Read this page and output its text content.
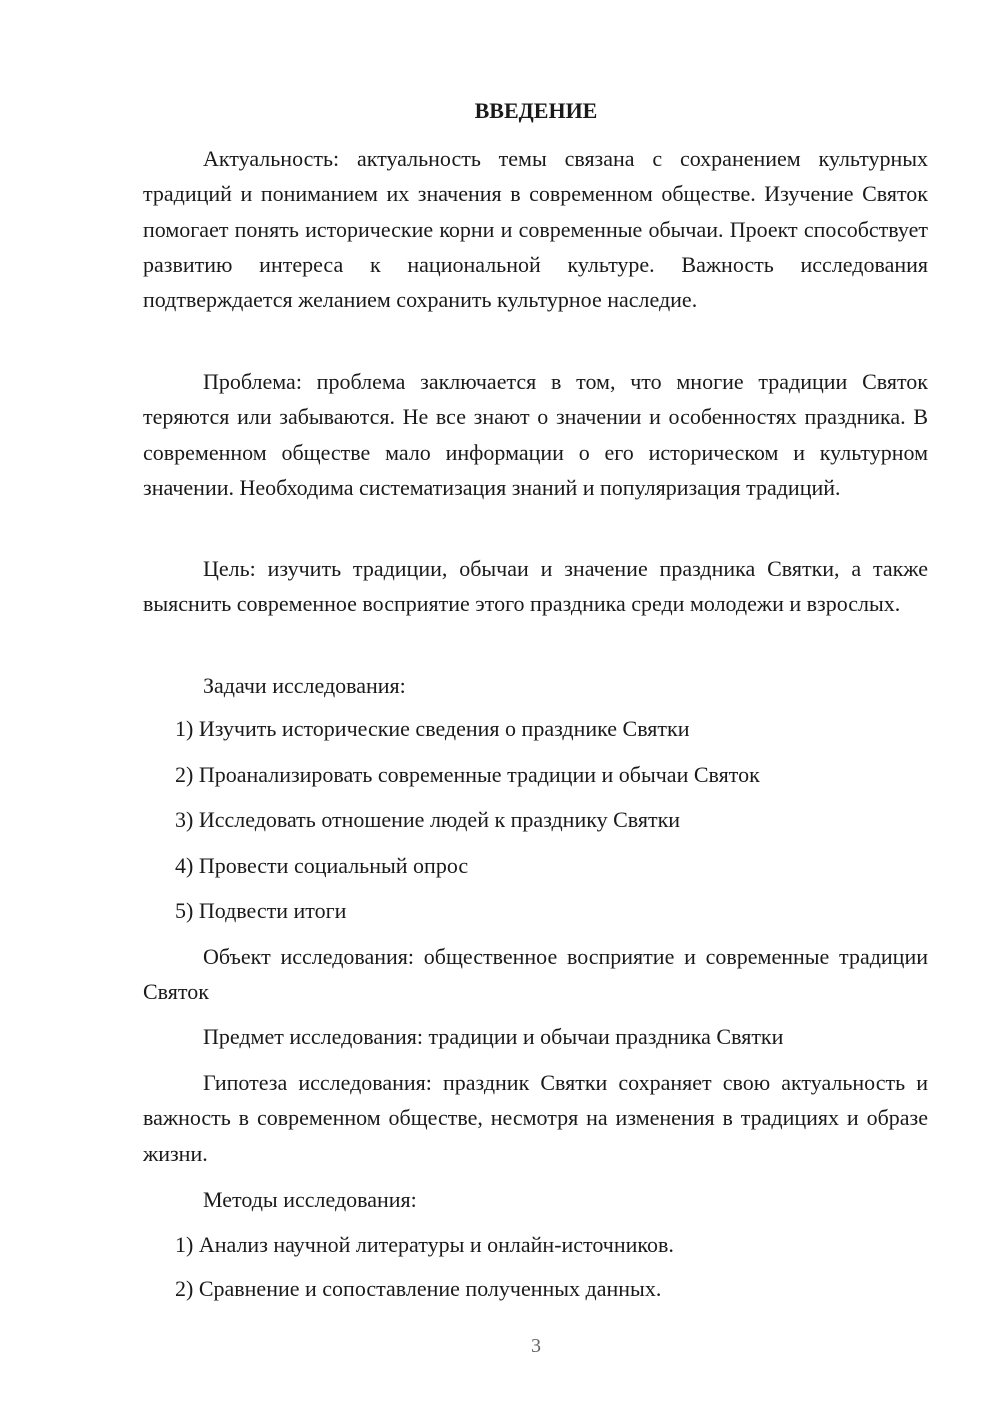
ВВЕДЕНИЕ

Актуальность: актуальность темы связана с сохранением культурных традиций и пониманием их значения в современном обществе. Изучение Святок помогает понять исторические корни и современные обычаи. Проект способствует развитию интереса к национальной культуре. Важность исследования подтверждается желанием сохранить культурное наследие.

Проблема: проблема заключается в том, что многие традиции Святок теряются или забываются. Не все знают о значении и особенностях праздника. В современном обществе мало информации о его историческом и культурном значении. Необходима систематизация знаний и популяризация традиций.

Цель: изучить традиции, обычаи и значение праздника Святки, а также выяснить современное восприятие этого праздника среди молодежи и взрослых.

Задачи исследования:

1) Изучить исторические сведения о празднике Святки

2) Проанализировать современные традиции и обычаи Святок

3) Исследовать отношение людей к празднику Святки

4) Провести социальный опрос

5) Подвести итоги

Объект исследования: общественное восприятие и современные традиции Святок

Предмет исследования: традиции и обычаи праздника Святки

Гипотеза исследования: праздник Святки сохраняет свою актуальность и важность в современном обществе, несмотря на изменения в традициях и образе жизни.

Методы исследования:

1) Анализ научной литературы и онлайн-источников.

2) Сравнение и сопоставление полученных данных.

3
